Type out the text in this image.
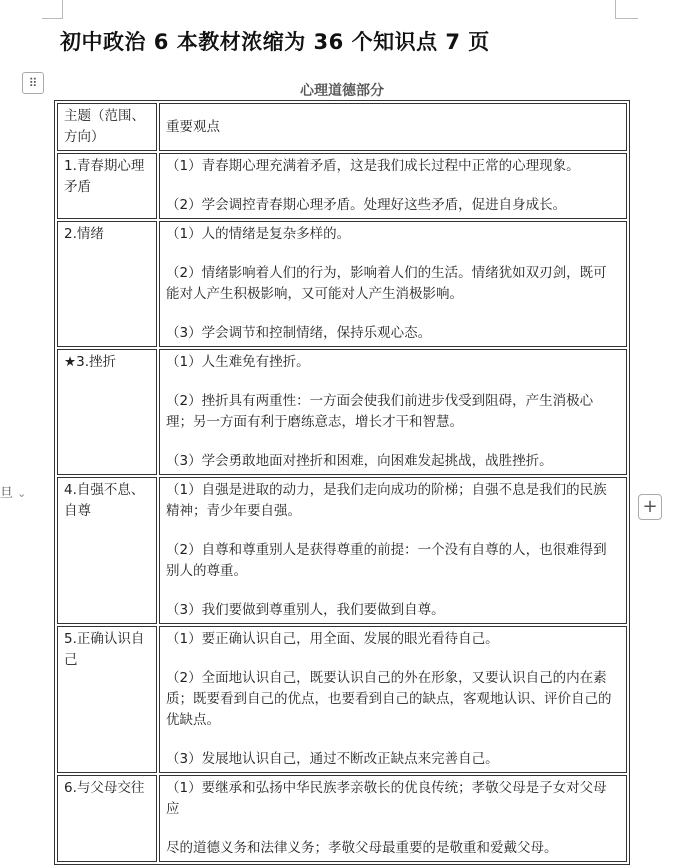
初中政治 6 本教材浓缩为 36 个知识点 7 页
⠿	心理道德部分
旦 ⌄
+
主题（范围、方向）	重要观点
1.青春期心理矛盾	（1）青春期心理充满着矛盾，这是我们成长过程中正常的心理现象。

（2）学会调控青春期心理矛盾。处理好这些矛盾，促进自身成长。

2.情绪	（1）人的情绪是复杂多样的。

（2）情绪影响着人们的行为，影响着人们的生活。情绪犹如双刃剑，既可能对人产生积极影响，又可能对人产生消极影响。

（3）学会调节和控制情绪，保持乐观心态。

★3.挫折	（1）人生难免有挫折。

（2）挫折具有两重性：一方面会使我们前进步伐受到阻碍，产生消极心理；另一方面有利于磨练意志，增长才干和智慧。

（3）学会勇敢地面对挫折和困难，向困难发起挑战，战胜挫折。

4.自强不息、自尊	（1）自强是进取的动力，是我们走向成功的阶梯；自强不息是我们的民族精神；青少年要自强。

（2）自尊和尊重别人是获得尊重的前提：一个没有自尊的人，也很难得到别人的尊重。

（3）我们要做到尊重别人，我们要做到自尊。

5.正确认识自己	（1）要正确认识自己，用全面、发展的眼光看待自己。

（2）全面地认识自己，既要认识自己的外在形象，又要认识自己的内在素质；既要看到自己的优点，也要看到自己的缺点，客观地认识、评价自己的优缺点。

（3）发展地认识自己，通过不断改正缺点来完善自己。

6.与父母交往	（1）要继承和弘扬中华民族孝亲敬长的优良传统；孝敬父母是子女对父母应

尽的道德义务和法律义务；孝敬父母最重要的是敬重和爱戴父母。
